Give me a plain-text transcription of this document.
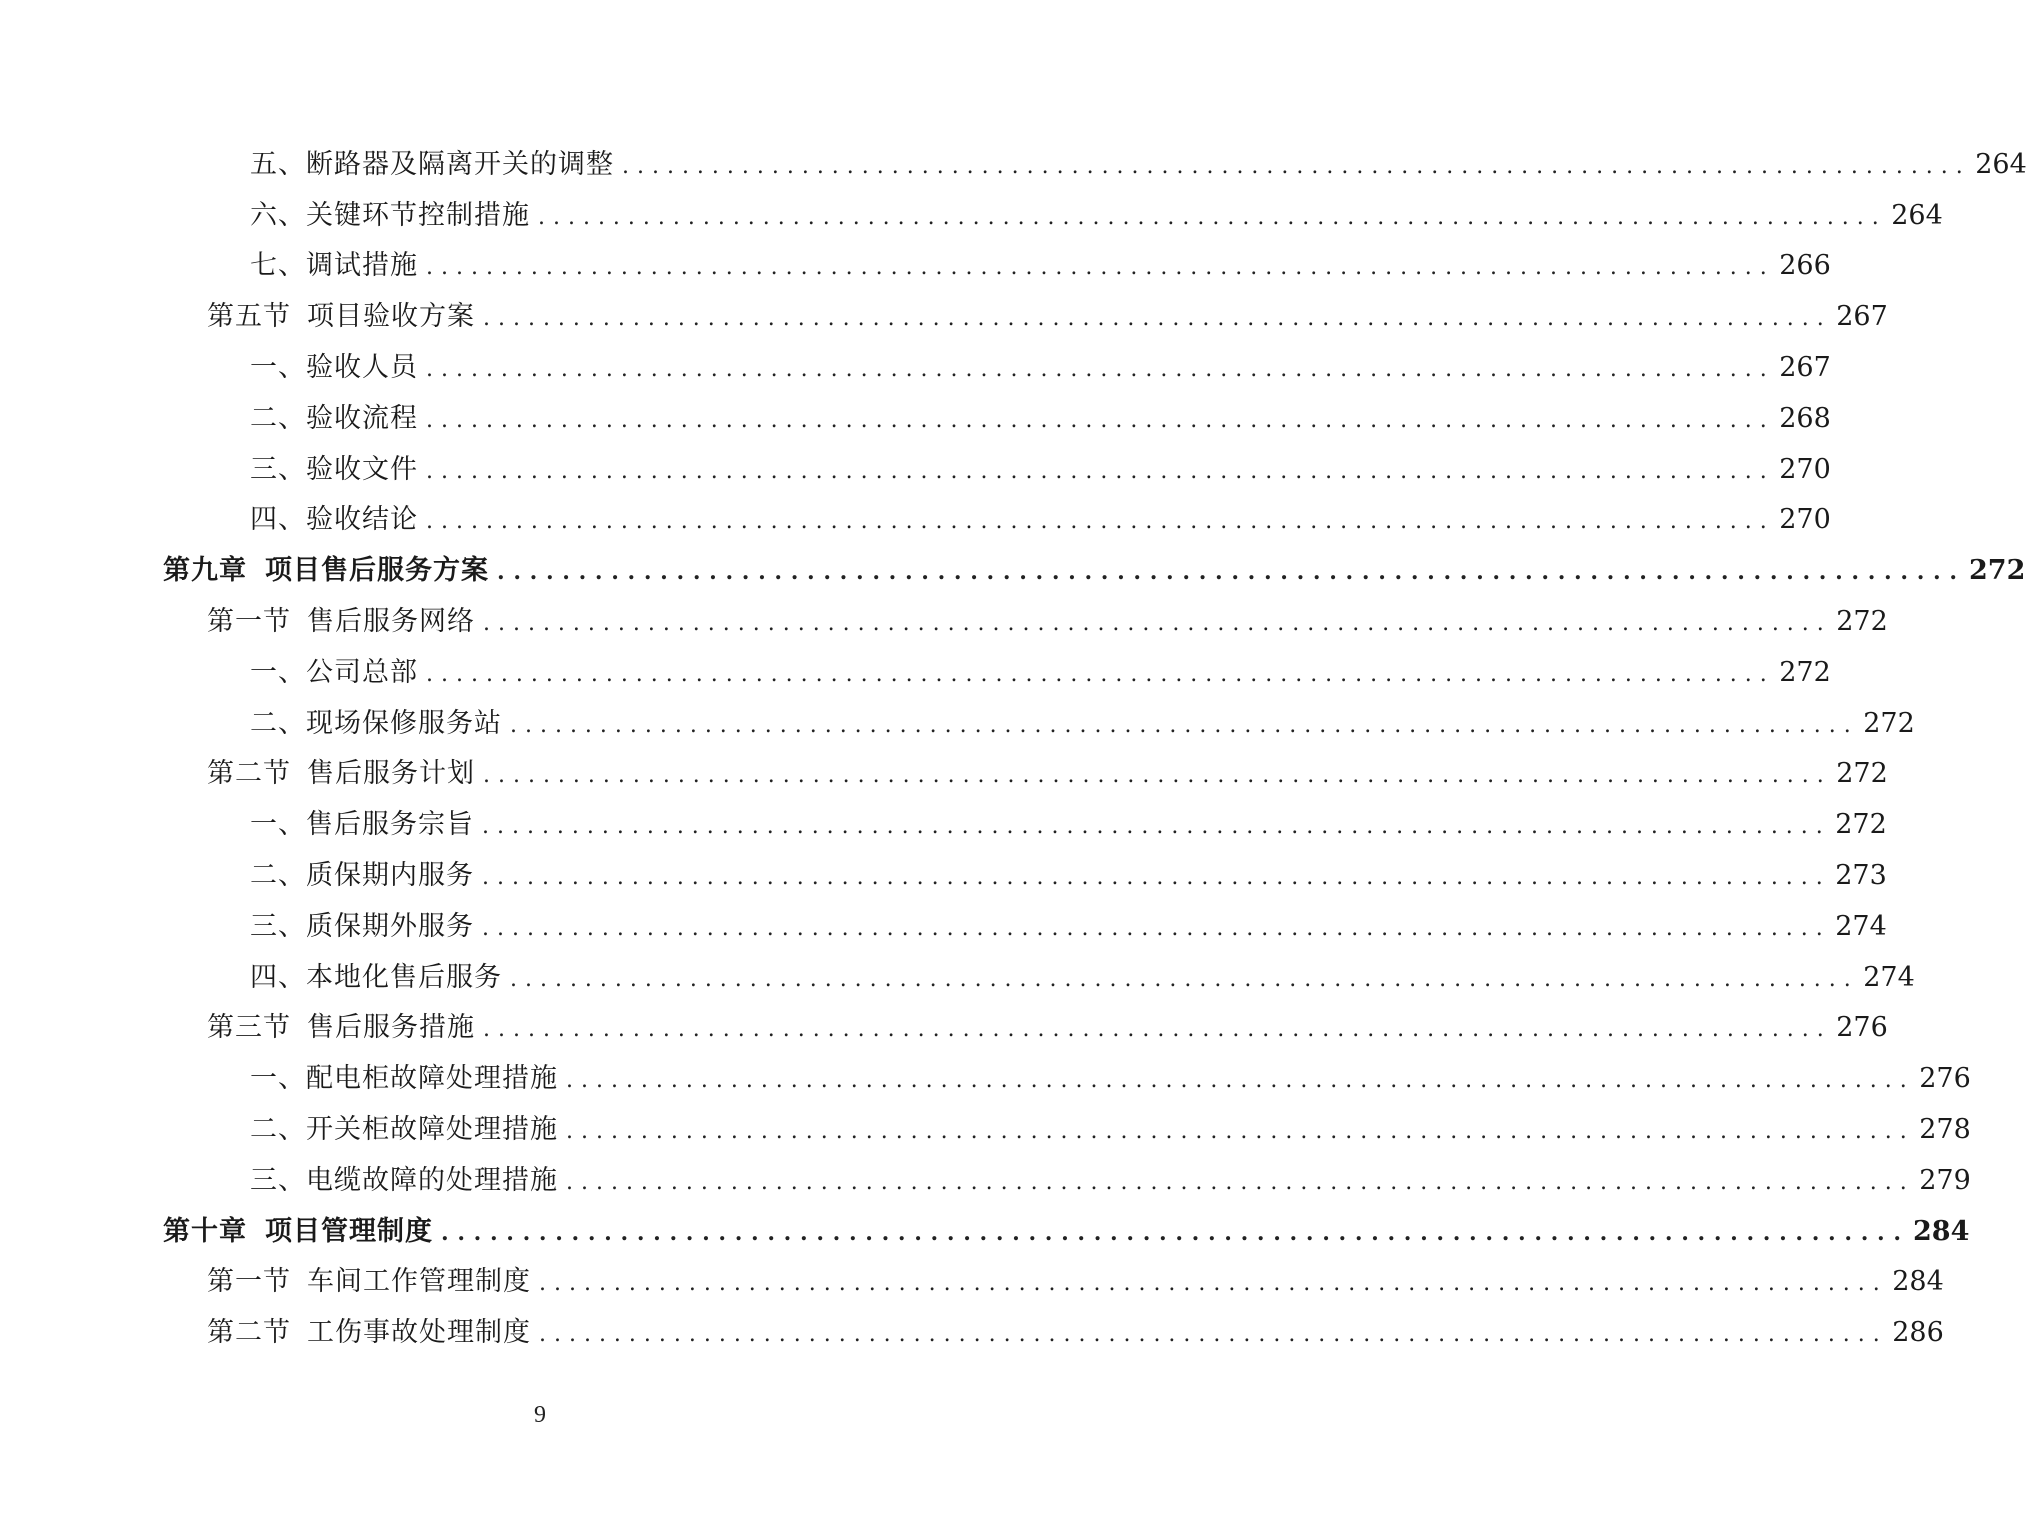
五、断路器及隔离开关的调整 . . .	264
六、关键环节控制措施 . . .	264
七、调试措施 . . .	266
第五节 项目验收方案 . . .	267
一、验收人员 . . .	267
二、验收流程 . . .	268
三、验收文件 . . .	270
四、验收结论 . . .	270
第九章 项目售后服务方案 . . .	272
第一节 售后服务网络 . . .	272
一、公司总部 . . .	272
二、现场保修服务站 . . .	272
第二节 售后服务计划 . . .	272
一、售后服务宗旨 . . .	272
二、质保期内服务 . . .	273
三、质保期外服务 . . .	274
四、本地化售后服务 . . .	274
第三节 售后服务措施 . . .	276
一、配电柜故障处理措施 . . .	276
二、开关柜故障处理措施 . . .	278
三、电缆故障的处理措施 . . .	279
第十章 项目管理制度 . . .	284
第一节 车间工作管理制度 . . .	284
第二节 工伤事故处理制度 . . .	286
9
